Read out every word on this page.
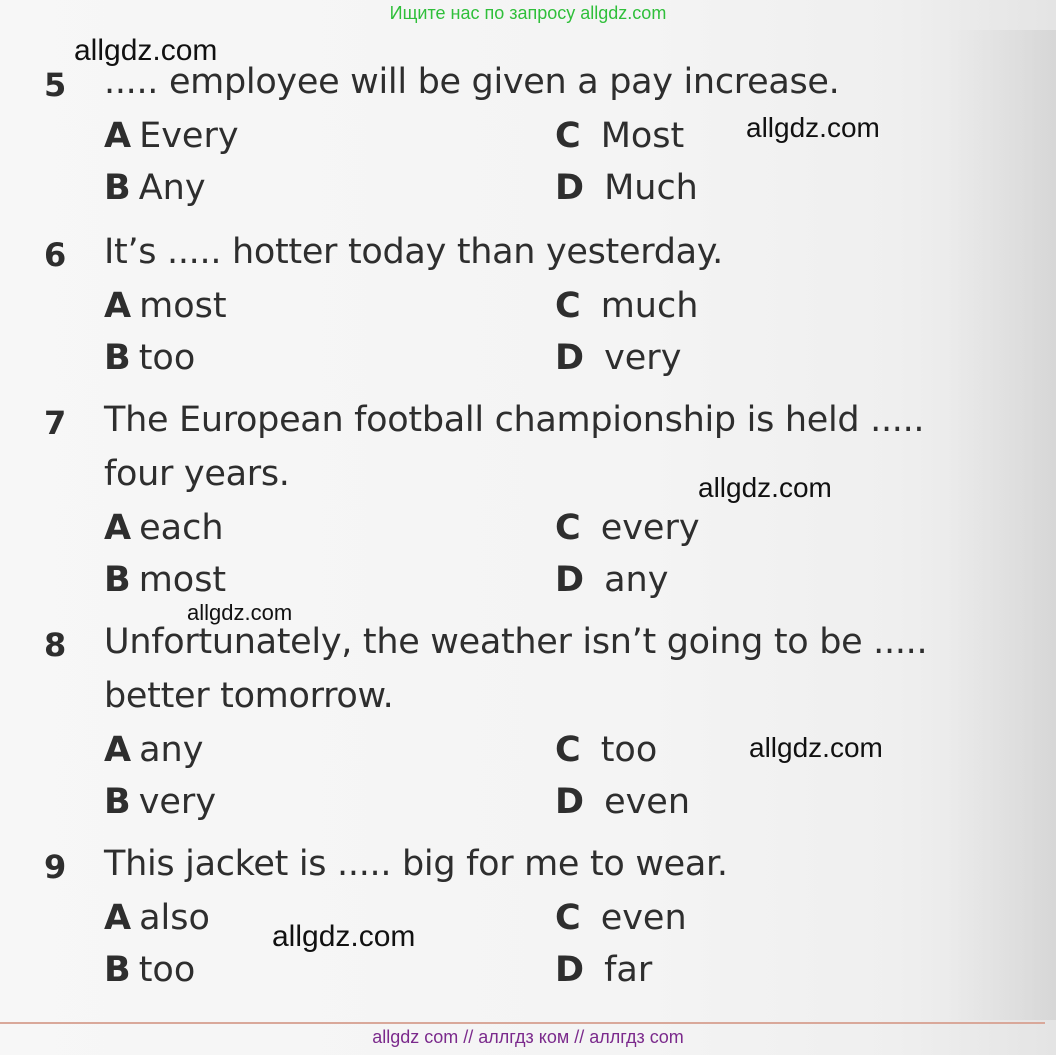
Ищите нас по запросу allgdz.com
5 ..... employee will be given a pay increase.
A Every	C Most
B Any	D Much
6 It’s ..... hotter today than yesterday.
A most	C much
B too	D very
7 The European football championship is held .....
four years.
A each	C every
B most	D any
8 Unfortunately, the weather isn’t going to be .....
better tomorrow.
A any	C too
B very	D even
9 This jacket is ..... big for me to wear.
A also	C even
B too	D far
allgdz.com
allgdz.com
allgdz.com
allgdz.com
allgdz.com
allgdz.com
allgdz com // аллгдз ком // аллгдз com
